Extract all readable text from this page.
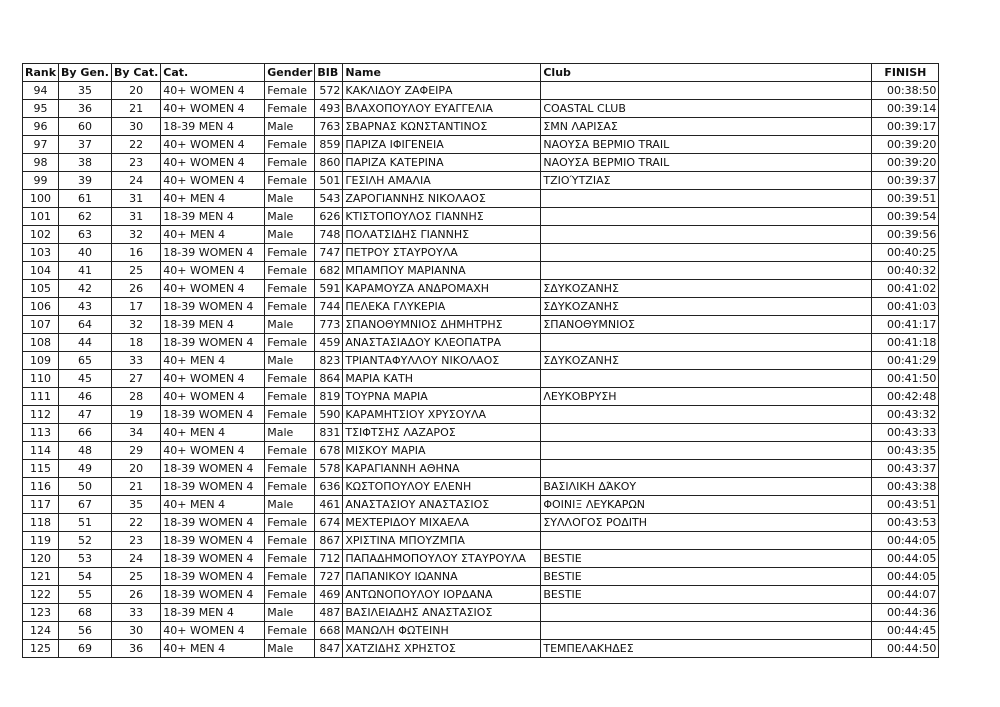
Rank	By Gen.	By Cat.	Cat.	Gender	BIB	Name	Club	FINISH
94	35	20	40+ WOMEN 4	Female	572	ΚΑΚΛΙΔΟΥ ΖΑΦΕΙΡΑ		00:38:50
95	36	21	40+ WOMEN 4	Female	493	ΒΛΑΧΟΠΟΥΛΟΥ ΕΥΑΓΓΕΛΙΑ	COASTAL CLUB	00:39:14
96	60	30	18-39 MEN 4	Male	763	ΣΒΑΡΝΑΣ ΚΩΝΣΤΑΝΤΙΝΟΣ	ΣΜΝ ΛΑΡΙΣΑΣ	00:39:17
97	37	22	40+ WOMEN 4	Female	859	ΠΑΡΙΖΑ ΙΦΙΓΕΝΕΙΑ	ΝΑΟΥΣΑ ΒΕΡΜΙΟ TRAIL	00:39:20
98	38	23	40+ WOMEN 4	Female	860	ΠΑΡΙΖΑ ΚΑΤΕΡΙΝΑ	ΝΑΟΥΣΑ ΒΕΡΜΙΟ TRAIL	00:39:20
99	39	24	40+ WOMEN 4	Female	501	ΓΕΣΙΛΗ ΑΜΑΛΙΑ	ΤΖΙΟΎΤΖΙΑΣ	00:39:37
100	61	31	40+ MEN 4	Male	543	ΖΑΡΟΓΙΑΝΝΗΣ ΝΙΚΟΛΑΟΣ		00:39:51
101	62	31	18-39 MEN 4	Male	626	ΚΤΙΣΤΟΠΟΥΛΟΣ ΓΙΑΝΝΗΣ		00:39:54
102	63	32	40+ MEN 4	Male	748	ΠΟΛΑΤΣΙΔΗΣ ΓΙΑΝΝΗΣ		00:39:56
103	40	16	18-39 WOMEN 4	Female	747	ΠΕΤΡΟΥ ΣΤΑΥΡΟΥΛΑ		00:40:25
104	41	25	40+ WOMEN 4	Female	682	ΜΠΑΜΠΟΥ ΜΑΡΙΑΝΝΑ		00:40:32
105	42	26	40+ WOMEN 4	Female	591	ΚΑΡΑΜΟΥΖΑ ΑΝΔΡΟΜΑΧΗ	ΣΔΥΚΟΖΑΝΗΣ	00:41:02
106	43	17	18-39 WOMEN 4	Female	744	ΠΕΛΕΚΑ ΓΛΥΚΕΡΙΑ	ΣΔΥΚΟΖΑΝΗΣ	00:41:03
107	64	32	18-39 MEN 4	Male	773	ΣΠΑΝΟΘΥΜΝΙΟΣ ΔΗΜΗΤΡΗΣ	ΣΠΑΝΟΘΥΜΝΙΟΣ	00:41:17
108	44	18	18-39 WOMEN 4	Female	459	ΑΝΑΣΤΑΣΙΑΔΟΥ ΚΛΕΟΠΑΤΡΑ		00:41:18
109	65	33	40+ MEN 4	Male	823	ΤΡΙΑΝΤΑΦΥΛΛΟΥ ΝΙΚΟΛΑΟΣ	ΣΔΥΚΟΖΑΝΗΣ	00:41:29
110	45	27	40+ WOMEN 4	Female	864	ΜΑΡΙΑ ΚΑΤΗ		00:41:50
111	46	28	40+ WOMEN 4	Female	819	ΤΟΥΡΝΑ ΜΑΡΙΑ	ΛΕΥΚΟΒΡΥΣΗ	00:42:48
112	47	19	18-39 WOMEN 4	Female	590	ΚΑΡΑΜΗΤΣΙΟΥ ΧΡΥΣΟΥΛΑ		00:43:32
113	66	34	40+ MEN 4	Male	831	ΤΣΙΦΤΣΗΣ ΛΑΖΑΡΟΣ		00:43:33
114	48	29	40+ WOMEN 4	Female	678	ΜΙΣΚΟΥ ΜΑΡΙΑ		00:43:35
115	49	20	18-39 WOMEN 4	Female	578	ΚΑΡΑΓΙΑΝΝΗ ΑΘΗΝΑ		00:43:37
116	50	21	18-39 WOMEN 4	Female	636	ΚΩΣΤΟΠΟΥΛΟΥ ΕΛΕΝΗ	ΒΑΣΙΛΙΚΗ ΔΆΚΟΥ	00:43:38
117	67	35	40+ MEN 4	Male	461	ΑΝΑΣΤΑΣΙΟΥ ΑΝΑΣΤΑΣΙΟΣ	ΦΟΙΝΙΞ ΛΕΥΚΑΡΩΝ	00:43:51
118	51	22	18-39 WOMEN 4	Female	674	ΜΕΧΤΕΡΙΔΟΥ ΜΙΧΑΕΛΑ	ΣΥΛΛΟΓΟΣ ΡΟΔΙΤΗ	00:43:53
119	52	23	18-39 WOMEN 4	Female	867	ΧΡΙΣΤΙΝΑ ΜΠΟΥΖΜΠΑ		00:44:05
120	53	24	18-39 WOMEN 4	Female	712	ΠΑΠΑΔΗΜΟΠΟΥΛΟΥ ΣΤΑΥΡΟΥΛΑ	BESTIE	00:44:05
121	54	25	18-39 WOMEN 4	Female	727	ΠΑΠΑΝΙΚΟΥ ΙΩΑΝΝΑ	BESTIE	00:44:05
122	55	26	18-39 WOMEN 4	Female	469	ΑΝΤΩΝΟΠΟΥΛΟΥ ΙΟΡΔΑΝΑ	BESTIE	00:44:07
123	68	33	18-39 MEN 4	Male	487	ΒΑΣΙΛΕΙΑΔΗΣ ΑΝΑΣΤΑΣΙΟΣ		00:44:36
124	56	30	40+ WOMEN 4	Female	668	ΜΑΝΩΛΗ ΦΩΤΕΙΝΗ		00:44:45
125	69	36	40+ MEN 4	Male	847	ΧΑΤΖΙΔΗΣ ΧΡΗΣΤΟΣ	ΤΕΜΠΕΛΑΚΗΔΕΣ	00:44:50
